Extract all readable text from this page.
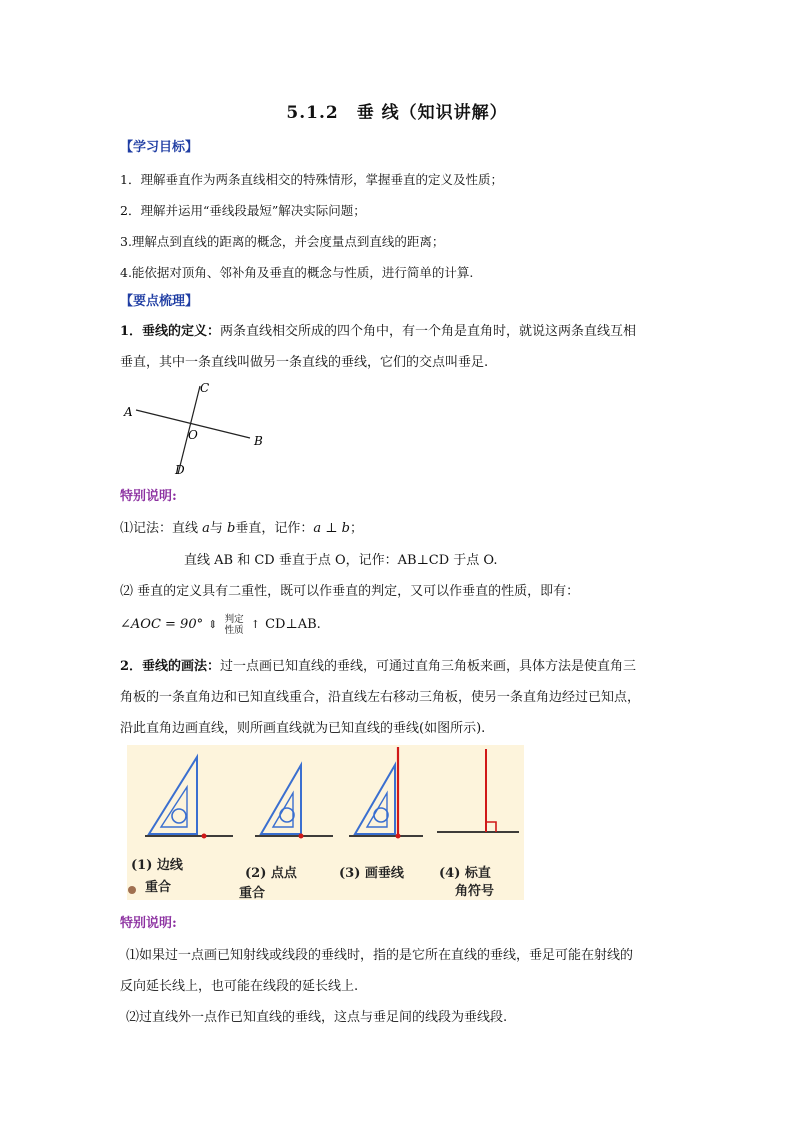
5.1.2　垂 线（知识讲解）
【学习目标】
1．理解垂直作为两条直线相交的特殊情形，掌握垂直的定义及性质；
2．理解并运用“垂线段最短”解决实际问题；
3.理解点到直线的距离的概念，并会度量点到直线的距离；
4.能依据对顶角、邻补角及垂直的概念与性质，进行简单的计算.
【要点梳理】
1．垂线的定义：两条直线相交所成的四个角中，有一个角是直角时，就说这两条直线互相
垂直，其中一条直线叫做另一条直线的垂线，它们的交点叫垂足.
A
B
C
D
O
特别说明:
⑴记法：直线 a与 b垂直，记作：a ⊥ b；
直线 AB 和 CD 垂直于点 O，记作：AB⊥CD 于点 O.
⑵ 垂直的定义具有二重性，既可以作垂直的判定，又可以作垂直的性质，即有：
∠AOC = 90° ⇕ 判定
性质 ↑ CD⊥AB.
2．垂线的画法：过一点画已知直线的垂线，可通过直角三角板来画，具体方法是使直角三
角板的一条直角边和已知直线重合，沿直线左右移动三角板，使另一条直角边经过已知点，
沿此直角边画直线，则所画直线就为已知直线的垂线(如图所示).
(1) 边线
重合
(2) 点点
重合
(3) 画垂线	(4) 标直
角符号
特别说明:
⑴如果过一点画已知射线或线段的垂线时，指的是它所在直线的垂线，垂足可能在射线的
反向延长线上，也可能在线段的延长线上.
⑵过直线外一点作已知直线的垂线，这点与垂足间的线段为垂线段.
